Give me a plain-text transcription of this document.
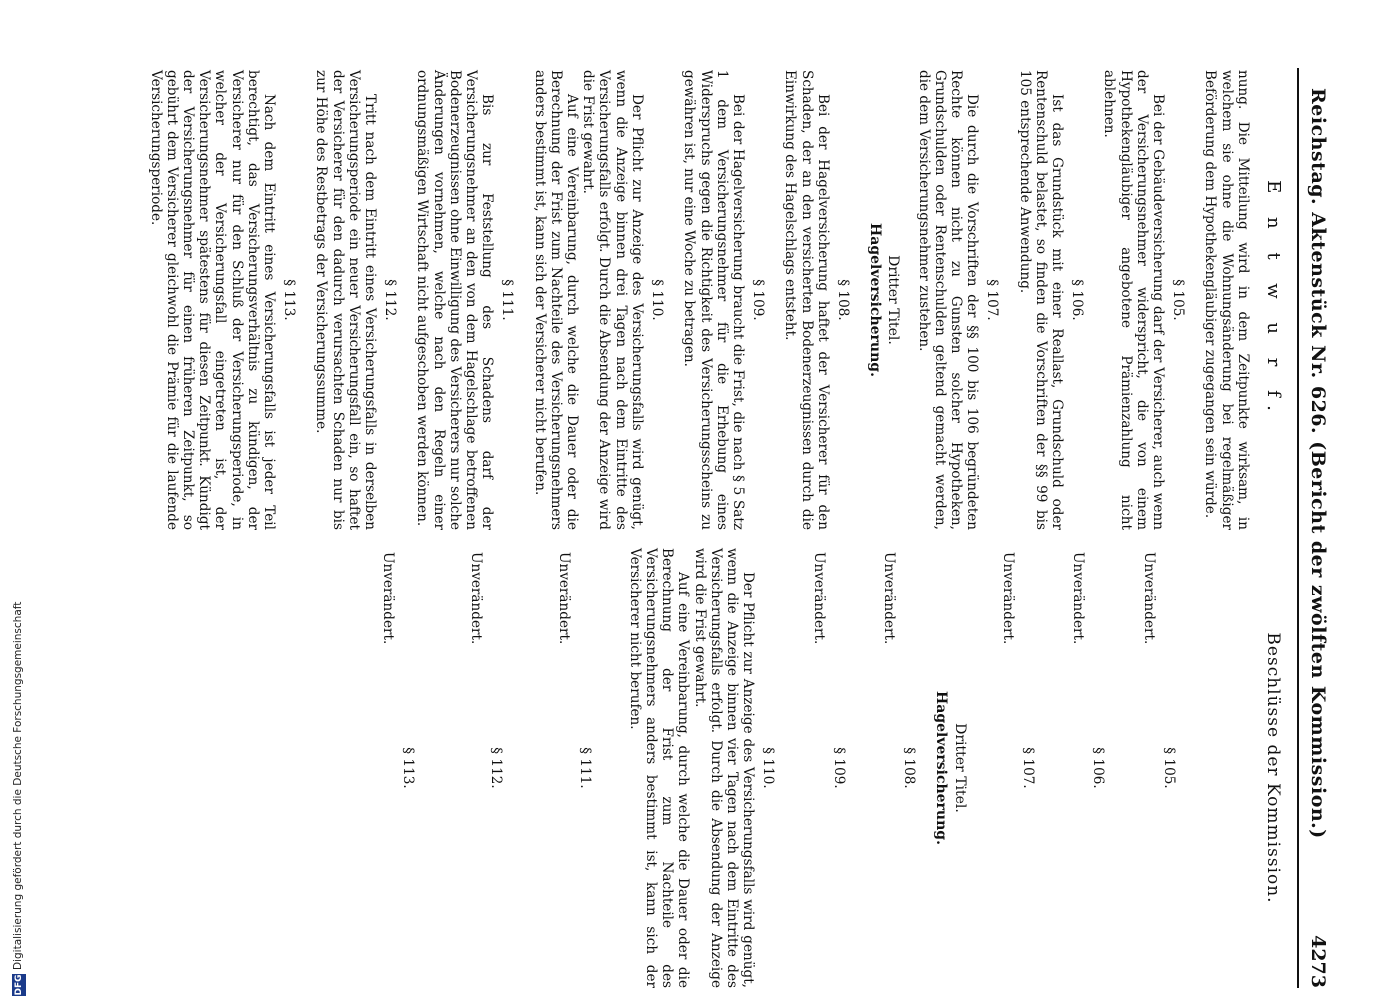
Reichstag. Aktenstück Nr. 626. (Bericht der zwölften Kommission.)
4273
E n t w u r f.

nung. Die Mitteilung wird in dem Zeitpunkte wirksam, in welchem sie ohne die Wohnungsänderung bei regelmäßiger Beförderung dem Hypothekengläubiger zugegangen sein würde.

§ 105.

Bei der Gebäudeversicherung darf der Versicherer, auch wenn der Versicherungsnehmer widerspricht, die von einem Hypothekengläubiger angebotene Prämienzahlung nicht ablehnen.

§ 106.

Ist das Grundstück mit einer Reallast, Grundschuld oder Rentenschuld belastet, so finden die Vorschriften der §§ 99 bis 105 entsprechende Anwendung.

§ 107.

Die durch die Vorschriften der §§ 100 bis 106 begründeten Rechte können nicht zu Gunsten solcher Hypotheken, Grundschulden oder Rentenschulden geltend gemacht werden, die dem Versicherungsnehmer zustehen.

Dritter Titel.
Hagelversicherung.
§ 108.

Bei der Hagelversicherung haftet der Versicherer für den Schaden, der an den versicherten Bodenerzeugnissen durch die Einwirkung des Hagelschlags entsteht.

§ 109.

Bei der Hagelversicherung braucht die Frist, die nach § 5 Satz 1 dem Versicherungsnehmer für die Erhebung eines Widerspruchs gegen die Richtigkeit des Versicherungsscheins zu gewähren ist, nur eine Woche zu betragen.

§ 110.

Der Pflicht zur Anzeige des Versicherungsfalls wird genügt, wenn die Anzeige binnen drei Tagen nach dem Eintritte des Versicherungsfalls erfolgt. Durch die Absendung der Anzeige wird die Frist gewahrt.

Auf eine Vereinbarung, durch welche die Dauer oder die Berechnung der Frist zum Nachteile des Versicherungsnehmers anders bestimmt ist, kann sich der Versicherer nicht berufen.

§ 111.

Bis zur Feststellung des Schadens darf der Versicherungsnehmer an den von dem Hagelschlage betroffenen Bodenerzeugnissen ohne Einwilligung des Versicherers nur solche Änderungen vornehmen, welche nach den Regeln einer ordnungsmäßigen Wirtschaft nicht aufgeschoben werden können.

§ 112.

Tritt nach dem Eintritt eines Versicherungsfalls in derselben Versicherungsperiode ein neuer Versicherungsfall ein, so haftet der Versicherer für den dadurch verursachten Schaden nur bis zur Höhe des Restbetrags der Versicherungssumme.

§ 113.

Nach dem Eintritt eines Versicherungsfalls ist jeder Teil berechtigt, das Versicherungsverhältnis zu kündigen, der Versicherer nur für den Schluß der Versicherungsperiode, in welcher der Versicherungsfall eingetreten ist, der Versicherungsnehmer spätestens für diesen Zeitpunkt. Kündigt der Versicherungsnehmer für einen früheren Zeitpunkt, so gebührt dem Versicherer gleichwohl die Prämie für die laufende Versicherungsperiode.

Beschlüsse der Kommission.
§ 105.

Unverändert.

§ 106.

Unverändert.

§ 107.

Unverändert.

Dritter Titel.
Hagelversicherung.
§ 108.

Unverändert.

§ 109.

Unverändert.

§ 110.

Der Pflicht zur Anzeige des Versicherungsfalls wird genügt, wenn die Anzeige binnen vier Tagen nach dem Eintritte des Versicherungsfalls erfolgt. Durch die Absendung der Anzeige wird die Frist gewahrt.

Auf eine Vereinbarung, durch welche die Dauer oder die Berechnung der Frist zum Nachteile des Versicherungsnehmers anders bestimmt ist, kann sich der Versicherer nicht berufen.

§ 111.

Unverändert.

§ 112.

Unverändert.

§ 113.

Unverändert.

DFG
Digitalisierung gefördert durch die Deutsche Forschungsgemeinschaft
